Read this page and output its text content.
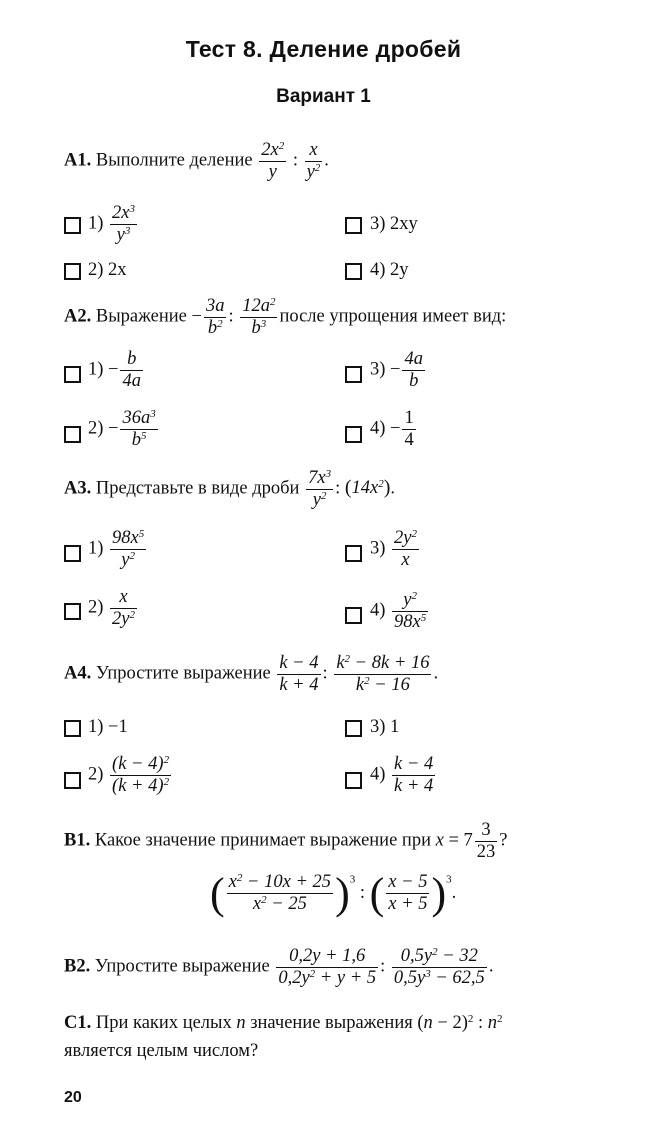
Тест 8. Деление дробей
Вариант 1
А1. Выполните деление $\frac{2x^2}{y}$ : $\frac{x}{y^2}$ .
$1) \frac{2x^3}{y^3}$	3) 2xy
2) 2x	4) 2y
А2. Выражение − $\frac{3a}{b^2}$ : $\frac{12a^2}{b^3}$ после упрощения имеет вид:
$1) - \frac{b}{4a}$	$3) - \frac{4a}{b}$
$2) - \frac{36a^3}{b^5}$	$4) - \frac{1}{4}$
А3. Представьте в виде дроби $\frac{7x^3}{y^2}$ : $(14x^2)$.
$1) \frac{98x^5}{y^2}$	$3) \frac{2y^2}{x}$
$2) \frac{x}{2y^2}$	$4) \frac{y^2}{98x^5}$
А4. Упростите выражение $\frac{k - 4}{k + 4}$ : $\frac{k^2 - 8k + 16}{k^2 - 16}$ .
1) −1	3) 1
$2) \frac{(k - 4)^2}{(k + 4)^2}$	$4) \frac{k - 4}{k + 4}$
В1. Какое значение принимает выражение при $x = 7 \frac{3}{23}$ ?
( $\frac{x^2 - 10x + 25}{x^2 - 25} )^3$ : ( $\frac{x - 5}{x + 5} )^3$.
В2. Упростите выражение $\frac{0,2y + 1,6}{0,2y^2 + y + 5}$ : $\frac{0,5y^2 - 32}{0,5y^3 - 62,5}$ .
С1. При каких целых n значение выражения $(n - 2)^2$ : $n^2$
является целым числом?
20
